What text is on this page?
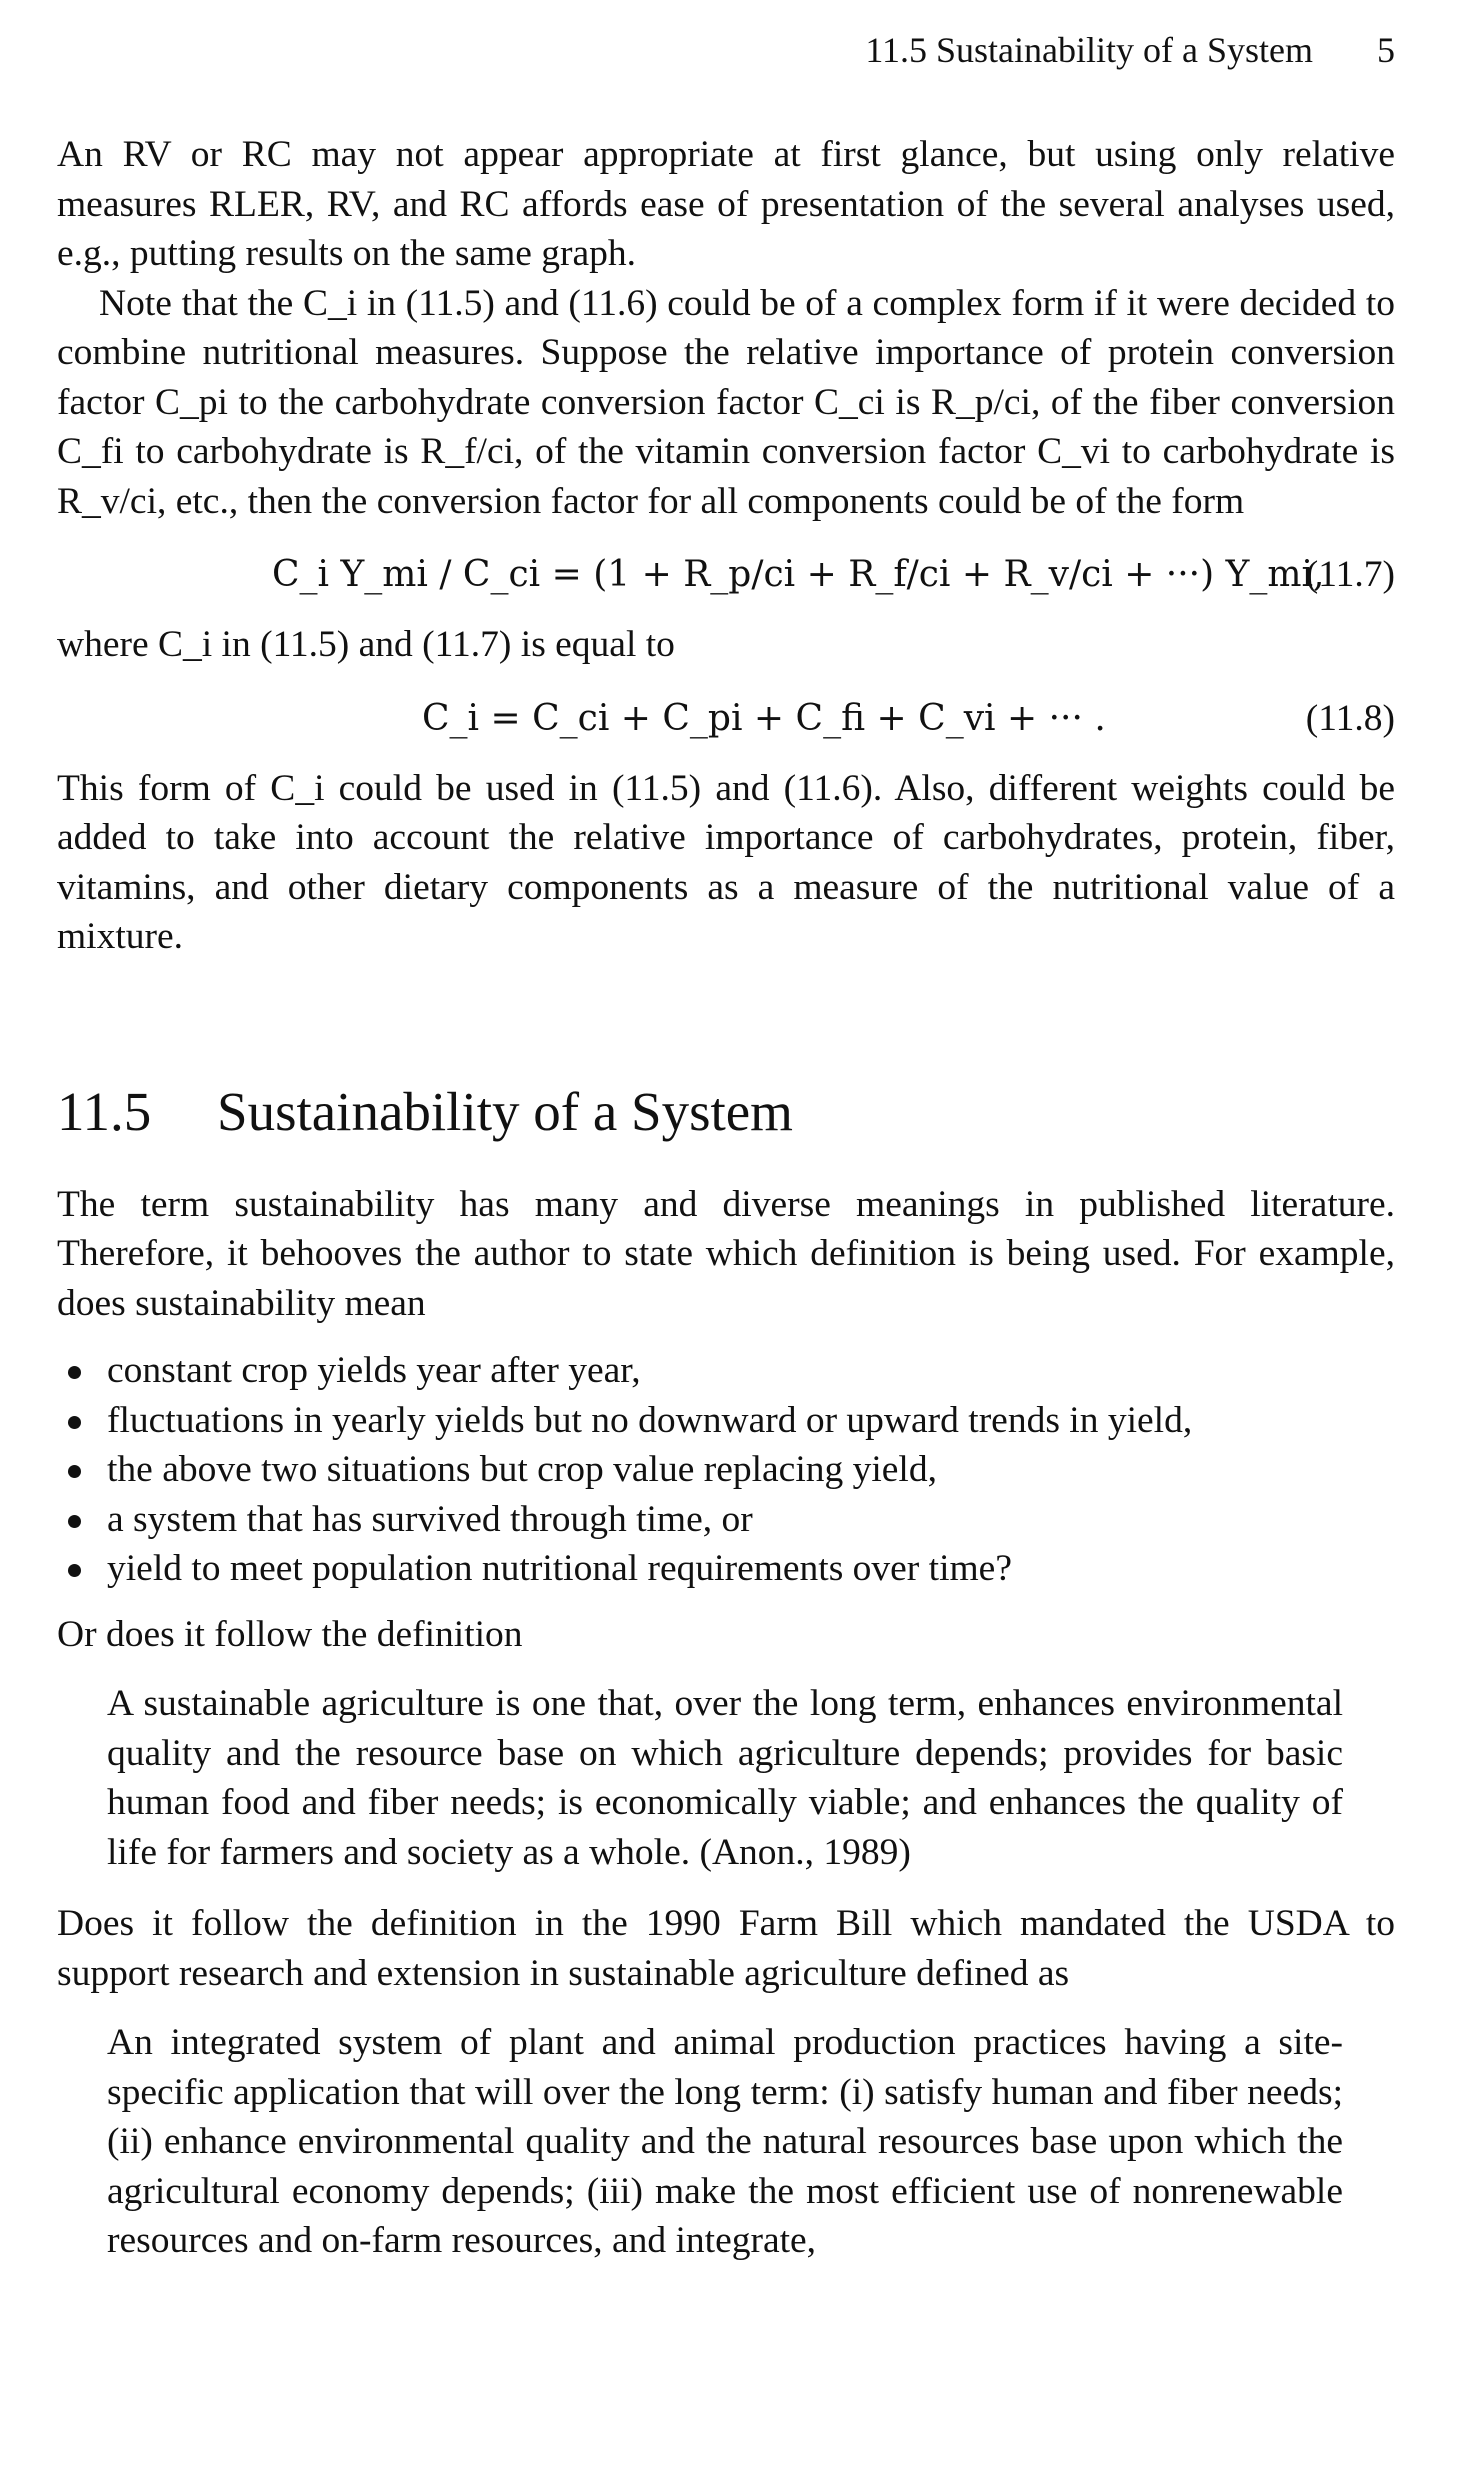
11.5 Sustainability of a System 5

An RV or RC may not appear appropriate at first glance, but using only relative measures RLER, RV, and RC affords ease of presentation of the several analyses used, e.g., putting results on the same graph.

Note that the C_i in (11.5) and (11.6) could be of a complex form if it were decided to combine nutritional measures. Suppose the relative importance of protein conversion factor C_pi to the carbohydrate conversion factor C_ci is R_p/ci, of the fiber conversion C_fi to carbohydrate is R_f/ci, of the vitamin conversion factor C_vi to carbohydrate is R_v/ci, etc., then the conversion factor for all components could be of the form

C_i Y_mi / C_ci = (1 + R_p/ci + R_f/ci + R_v/ci + ···) Y_mi,
(11.7)

where C_i in (11.5) and (11.7) is equal to

C_i = C_ci + C_pi + C_fi + C_vi + ··· .	(11.8)

This form of C_i could be used in (11.5) and (11.6). Also, different weights could be added to take into account the relative importance of carbohydrates, protein, fiber, vitamins, and other dietary components as a measure of the nutritional value of a mixture.

11.5 Sustainability of a System

The term sustainability has many and diverse meanings in published literature. Therefore, it behooves the author to state which definition is being used. For example, does sustainability mean

constant crop yields year after year,
fluctuations in yearly yields but no downward or upward trends in yield,
the above two situations but crop value replacing yield,
a system that has survived through time, or
yield to meet population nutritional requirements over time?

Or does it follow the definition

A sustainable agriculture is one that, over the long term, enhances environmental quality and the resource base on which agriculture depends; provides for basic human food and fiber needs; is economically viable; and enhances the quality of life for farmers and society as a whole. (Anon., 1989)

Does it follow the definition in the 1990 Farm Bill which mandated the USDA to support research and extension in sustainable agriculture defined as

An integrated system of plant and animal production practices having a site-specific application that will over the long term: (i) satisfy human and fiber needs; (ii) enhance environmental quality and the natural resources base upon which the agricultural economy depends; (iii) make the most efficient use of nonrenewable resources and on-farm resources, and integrate,
